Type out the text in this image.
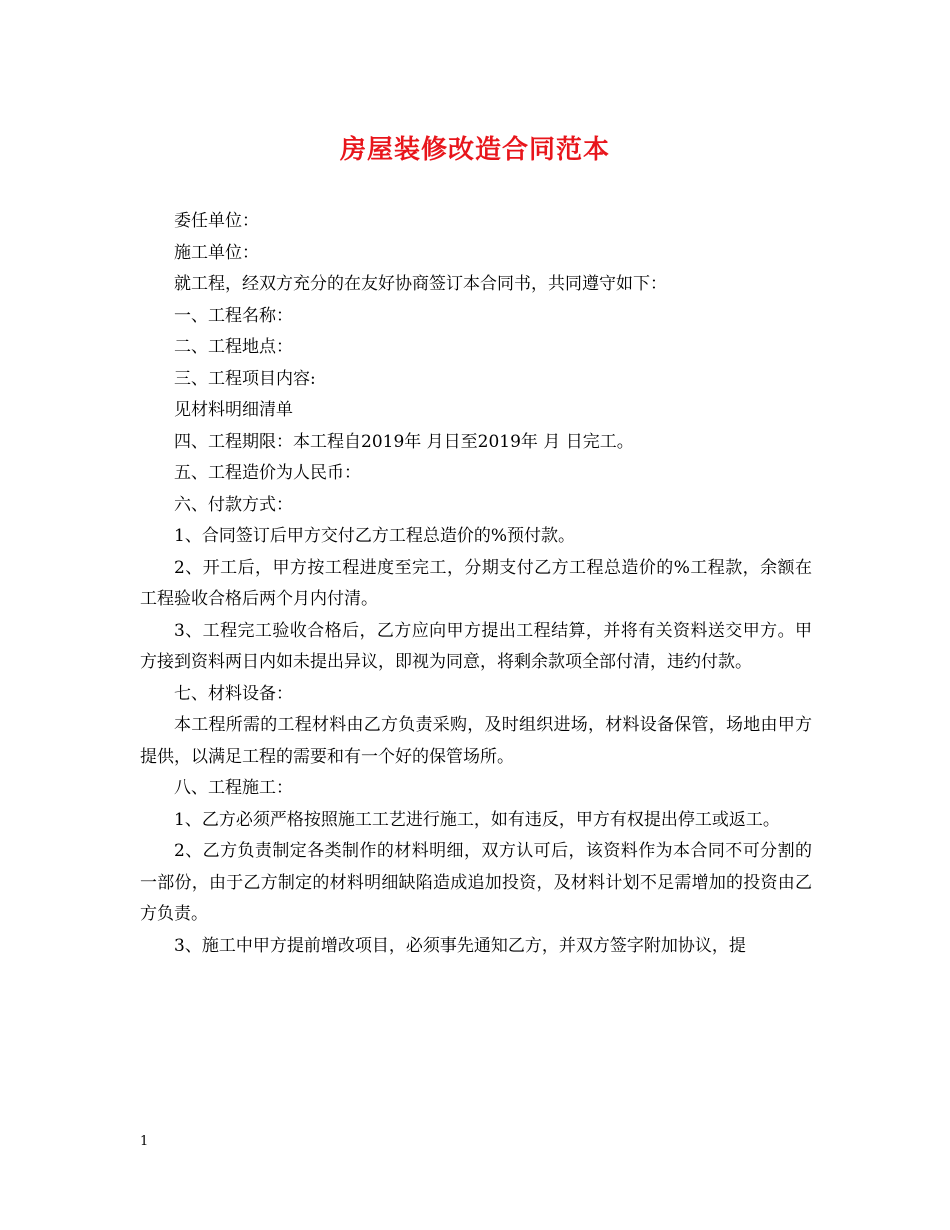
房屋装修改造合同范本

委任单位：

施工单位：

就工程，经双方充分的在友好协商签订本合同书，共同遵守如下：

一、工程名称：

二、工程地点：

三、工程项目内容:

见材料明细清单

四、工程期限：本工程自2019年 月日至2019年 月 日完工。

五、工程造价为人民币：

六、付款方式：

1、合同签订后甲方交付乙方工程总造价的%预付款。

2、开工后，甲方按工程进度至完工，分期支付乙方工程总造价的%工程款，余额在工程验收合格后两个月内付清。

3、工程完工验收合格后，乙方应向甲方提出工程结算，并将有关资料送交甲方。甲方接到资料两日内如未提出异议，即视为同意，将剩余款项全部付清，违约付款。

七、材料设备：

本工程所需的工程材料由乙方负责采购，及时组织进场，材料设备保管，场地由甲方提供，以满足工程的需要和有一个好的保管场所。

八、工程施工：

1、乙方必须严格按照施工工艺进行施工，如有违反，甲方有权提出停工或返工。

2、乙方负责制定各类制作的材料明细，双方认可后，该资料作为本合同不可分割的一部份，由于乙方制定的材料明细缺陷造成追加投资，及材料计划不足需增加的投资由乙方负责。

3、施工中甲方提前增改项目，必须事先通知乙方，并双方签字附加协议，提

1
